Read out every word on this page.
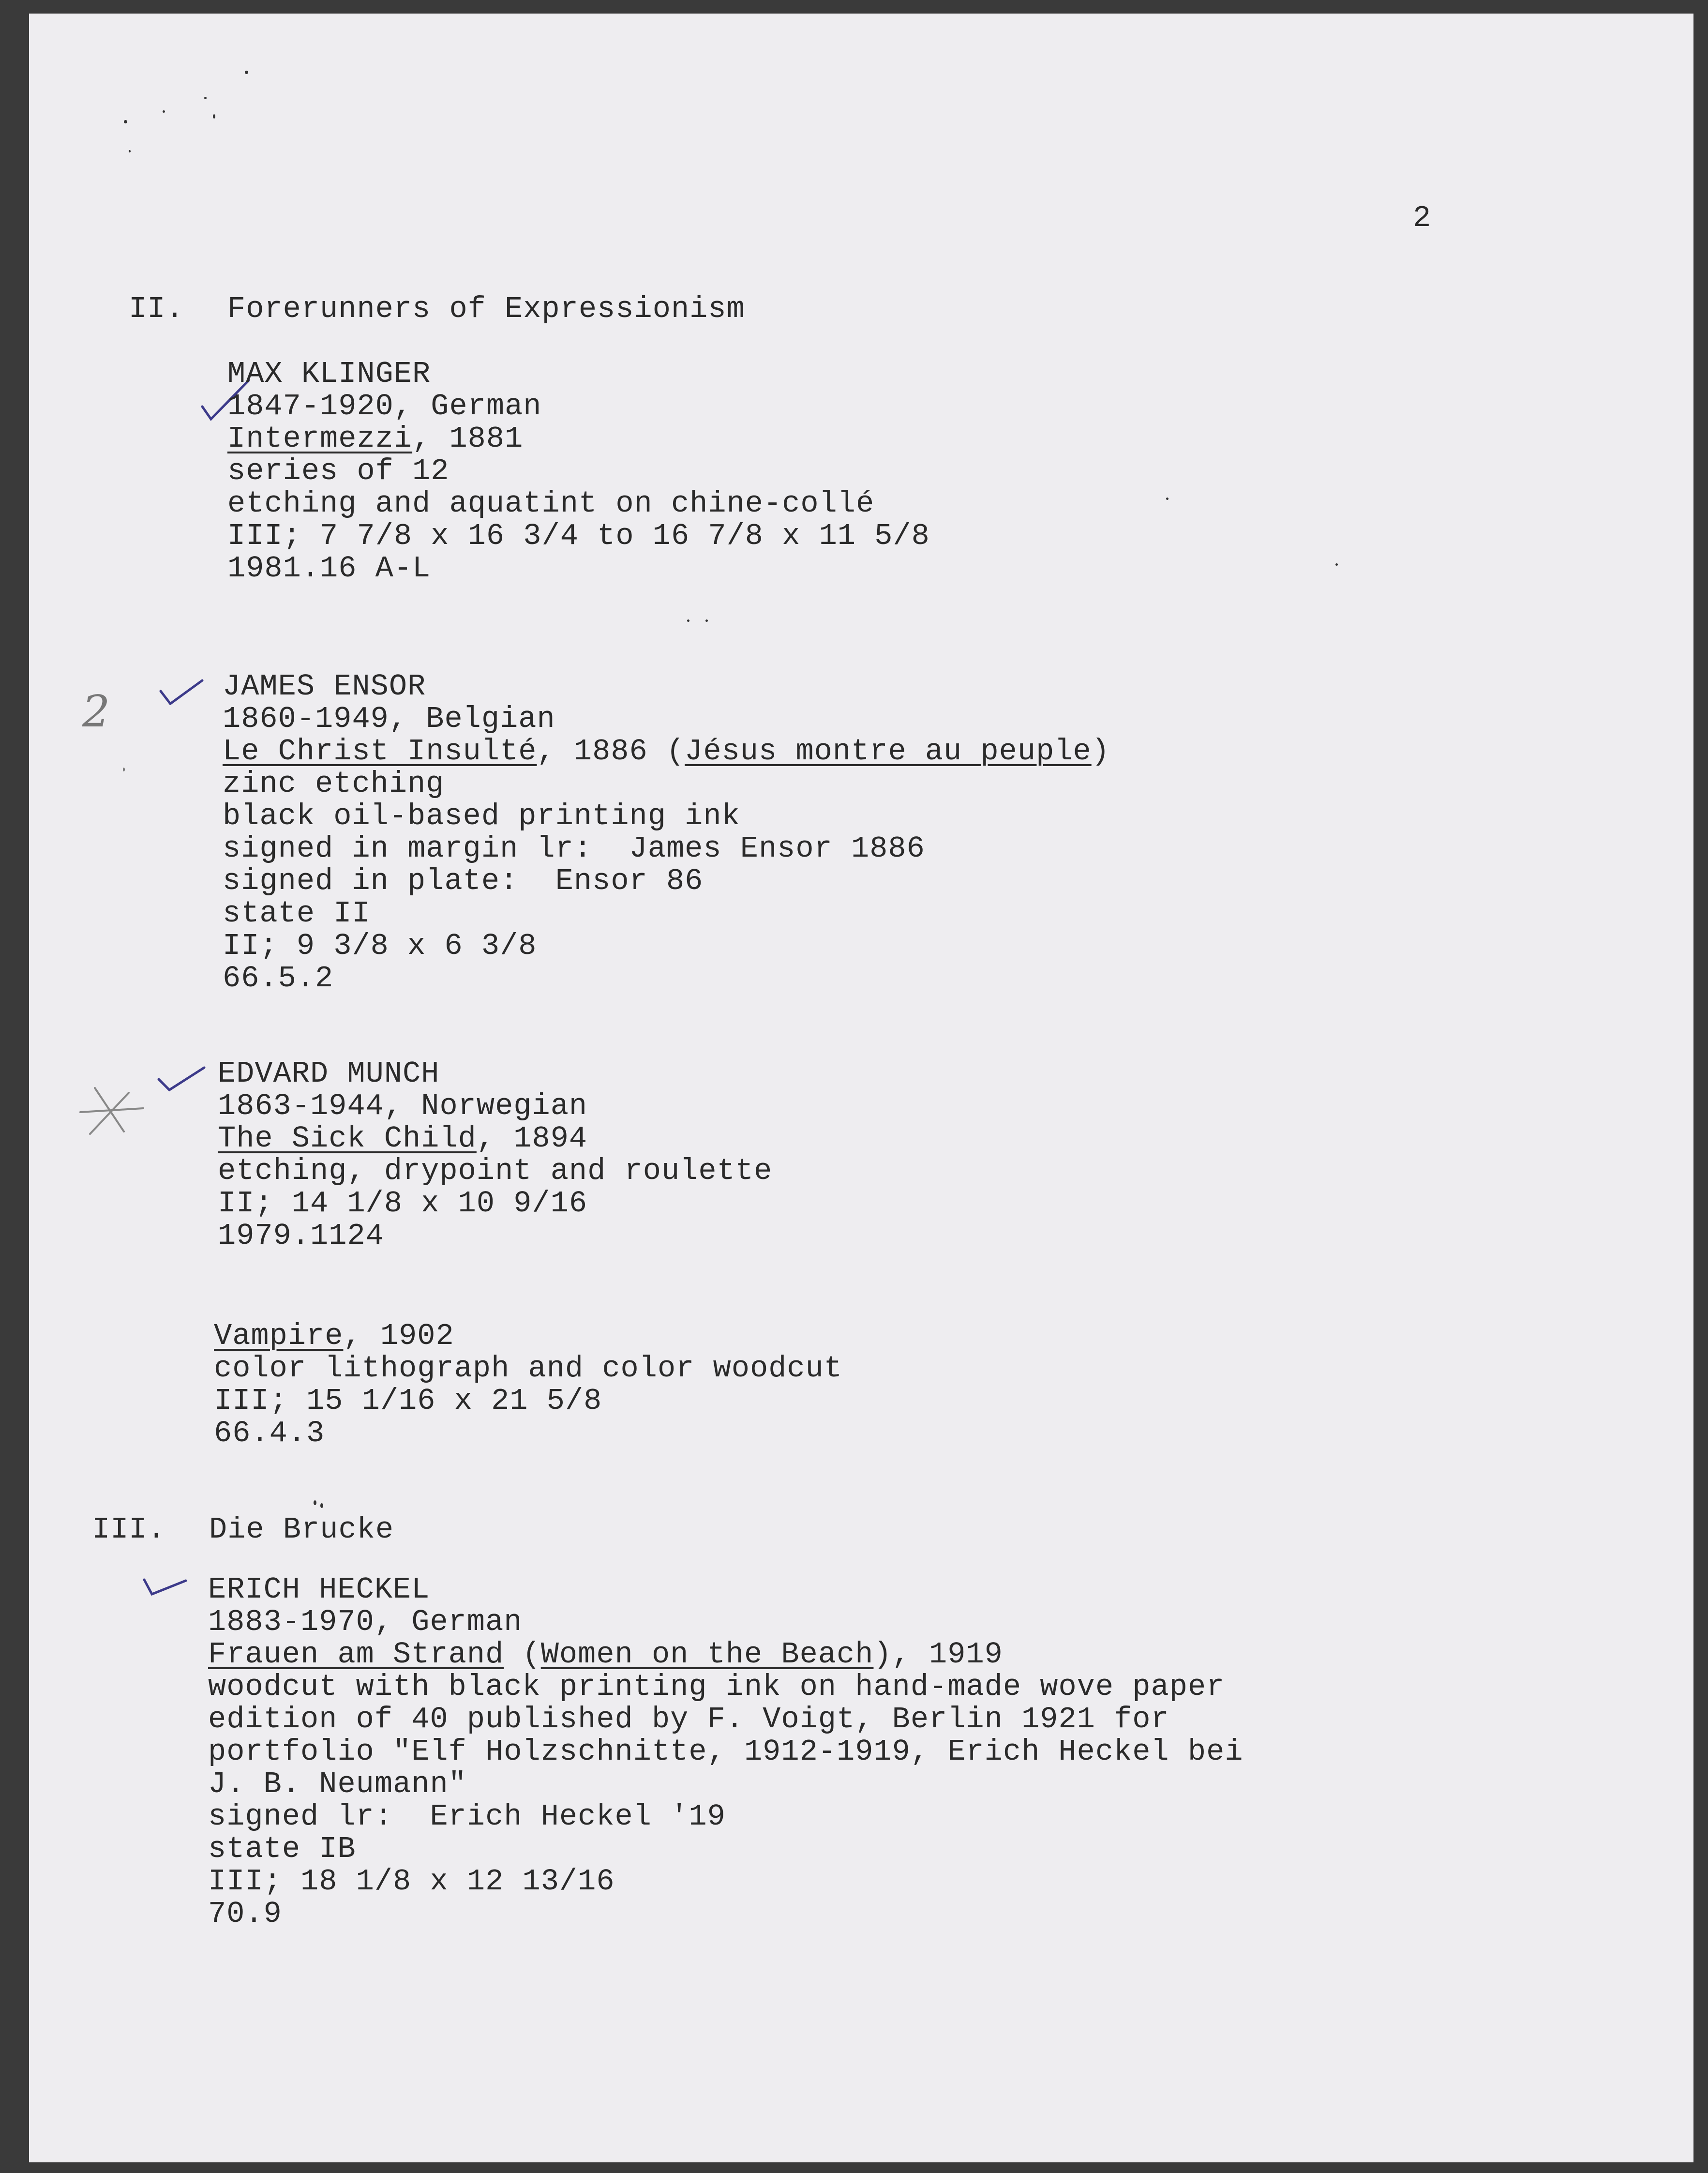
2
II. Forerunners of Expressionism
MAX KLINGER
1847-1920, German
Intermezzi, 1881
series of 12
etching and aquatint on chine-collé
III; 7 7/8 x 16 3/4 to 16 7/8 x 11 5/8
1981.16 A-L
2	JAMES ENSOR
1860-1949, Belgian
Le Christ Insulté, 1886 (Jésus montre au peuple)
zinc etching
black oil-based printing ink
signed in margin lr:  James Ensor 1886
signed in plate:  Ensor 86
state II
II; 9 3/8 x 6 3/8
66.5.2
EDVARD MUNCH
1863-1944, Norwegian
The Sick Child, 1894
etching, drypoint and roulette
II; 14 1/8 x 10 9/16
1979.1124
Vampire, 1902
color lithograph and color woodcut
III; 15 1/16 x 21 5/8
66.4.3
III. Die Brucke
ERICH HECKEL
1883-1970, German
Frauen am Strand (Women on the Beach), 1919
woodcut with black printing ink on hand-made wove paper
edition of 40 published by F. Voigt, Berlin 1921 for
portfolio "Elf Holzschnitte, 1912-1919, Erich Heckel bei
J. B. Neumann"
signed lr:  Erich Heckel '19
state IB
III; 18 1/8 x 12 13/16
70.9
